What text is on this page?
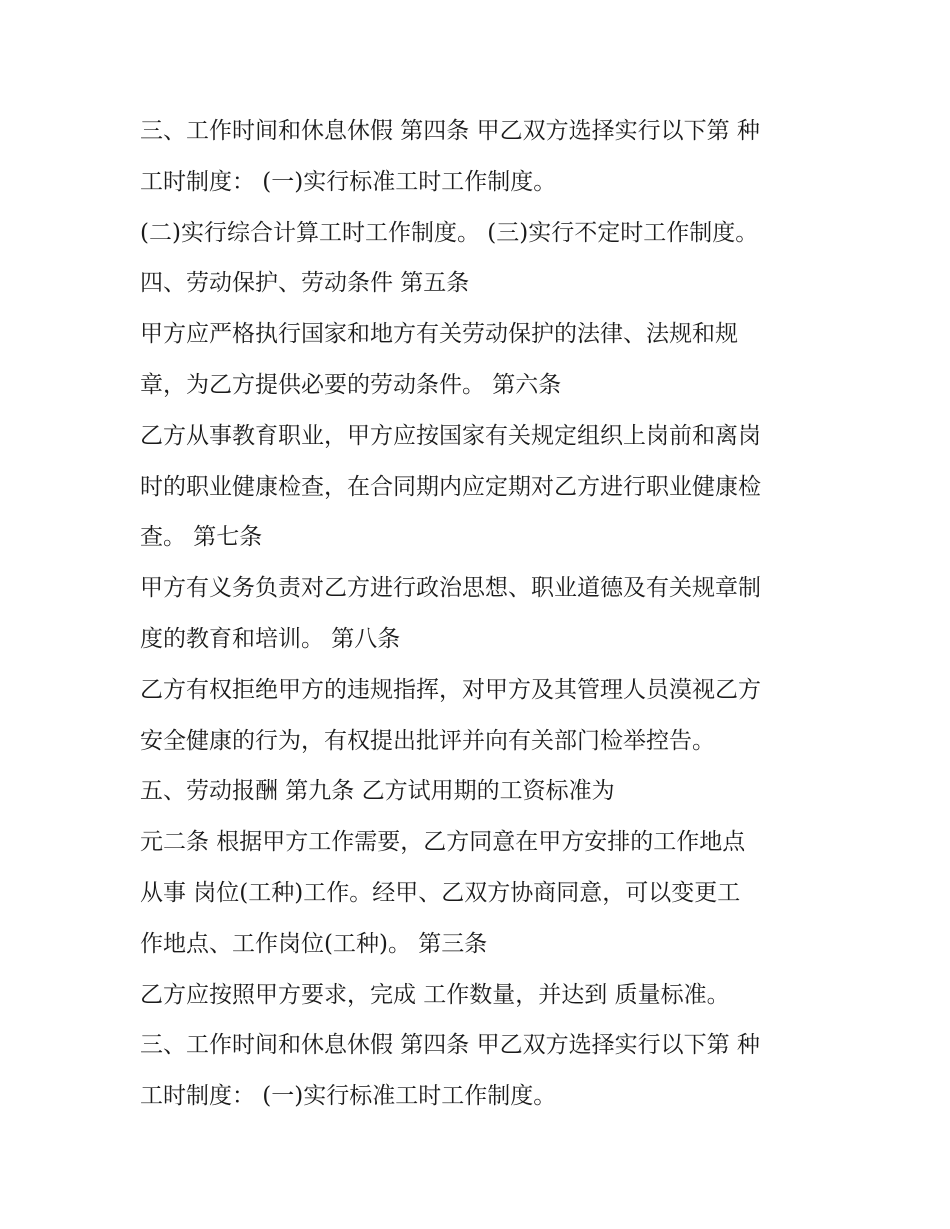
三、工作时间和休息休假 第四条 甲乙双方选择实行以下第 种
工时制度： (一)实行标准工时工作制度。
(二)实行综合计算工时工作制度。 (三)实行不定时工作制度。
四、劳动保护、劳动条件 第五条
甲方应严格执行国家和地方有关劳动保护的法律、法规和规
章，为乙方提供必要的劳动条件。 第六条
乙方从事教育职业，甲方应按国家有关规定组织上岗前和离岗
时的职业健康检查，在合同期内应定期对乙方进行职业健康检
查。 第七条
甲方有义务负责对乙方进行政治思想、职业道德及有关规章制
度的教育和培训。 第八条
乙方有权拒绝甲方的违规指挥，对甲方及其管理人员漠视乙方
安全健康的行为，有权提出批评并向有关部门检举控告。
五、劳动报酬 第九条 乙方试用期的工资标准为
元二条 根据甲方工作需要，乙方同意在甲方安排的工作地点
从事 岗位(工种)工作。经甲、乙双方协商同意，可以变更工
作地点、工作岗位(工种)。 第三条
乙方应按照甲方要求，完成 工作数量，并达到 质量标准。
三、工作时间和休息休假 第四条 甲乙双方选择实行以下第 种
工时制度： (一)实行标准工时工作制度。
